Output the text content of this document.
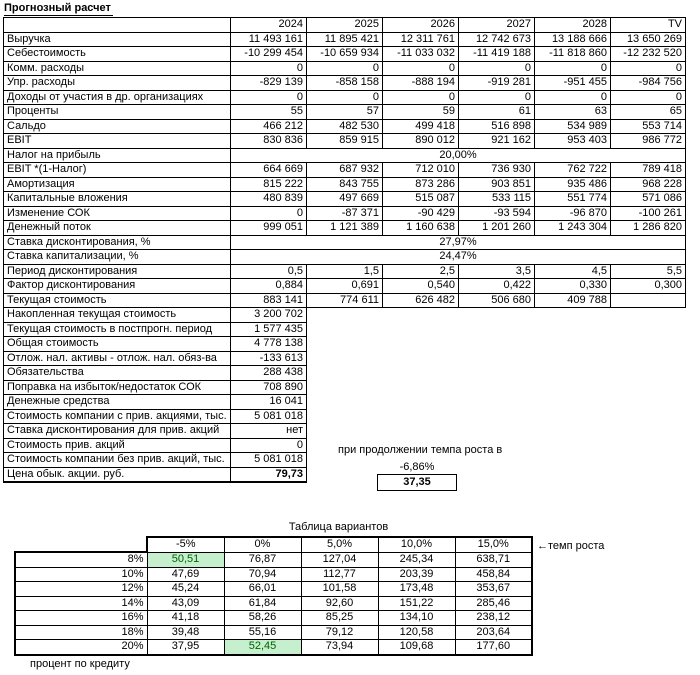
Прогнозный расчет
	2024	2025	2026	2027	2028	TV
Выручка	11 493 161	11 895 421	12 311 761	12 742 673	13 188 666	13 650 269
Себестоимость	-10 299 454	-10 659 934	-11 033 032	-11 419 188	-11 818 860	-12 232 520
Комм. расходы	0	0	0	0	0	0
Упр. расходы	-829 139	-858 158	-888 194	-919 281	-951 455	-984 756
Доходы от участия в др. организациях	0	0	0	0	0	0
Проценты	55	57	59	61	63	65
Сальдо	466 212	482 530	499 418	516 898	534 989	553 714
EBIT	830 836	859 915	890 012	921 162	953 403	986 772
Налог на прибыль	20,00%					
EBIT *(1-Налог)	664 669	687 932	712 010	736 930	762 722	789 418
Амортизация	815 222	843 755	873 286	903 851	935 486	968 228
Капитальные вложения	480 839	497 669	515 087	533 115	551 774	571 086
Изменение СОК	0	-87 371	-90 429	-93 594	-96 870	-100 261
Денежный поток	999 051	1 121 389	1 160 638	1 201 260	1 243 304	1 286 820
Ставка дисконтирования, %	27,97%					
Ставка капитализации, %	24,47%					
Период дисконтирования	0,5	1,5	2,5	3,5	4,5	5,5
Фактор дисконтирования	0,884	0,691	0,540	0,422	0,330	0,300
Текущая стоимость	883 141	774 611	626 482	506 680	409 788	
Накопленная текущая стоимость	3 200 702					
Текущая стоимость в постпрогн. период	1 577 435					
Общая стоимость	4 778 138					
Отлож. нал. активы - отлож. нал. обяз-ва	-133 613					
Обязательства	288 438					
Поправка на избыток/недостаток СОК	708 890					
Денежные средства	16 041					
Стоимость компании с прив. акциями, тыс.	5 081 018					
Ставка дисконтирования для прив. акций	нет					
Стоимость прив. акций	0					
Стоимость компании без прив. акций, тыс.	5 081 018					
Цена обык. акции. руб.	79,73					
при продолжении темпа роста в
-6,86%
37,35
Таблица вариантов
	-5%	0%	5,0%	10,0%	15,0%
8%	50,51	76,87	127,04	245,34	638,71
10%	47,69	70,94	112,77	203,39	458,84
12%	45,24	66,01	101,58	173,48	353,67
14%	43,09	61,84	92,60	151,22	285,46
16%	41,18	58,26	85,25	134,10	238,12
18%	39,48	55,16	79,12	120,58	203,64
20%	37,95	52,45	73,94	109,68	177,60
←темп роста
процент по кредиту
